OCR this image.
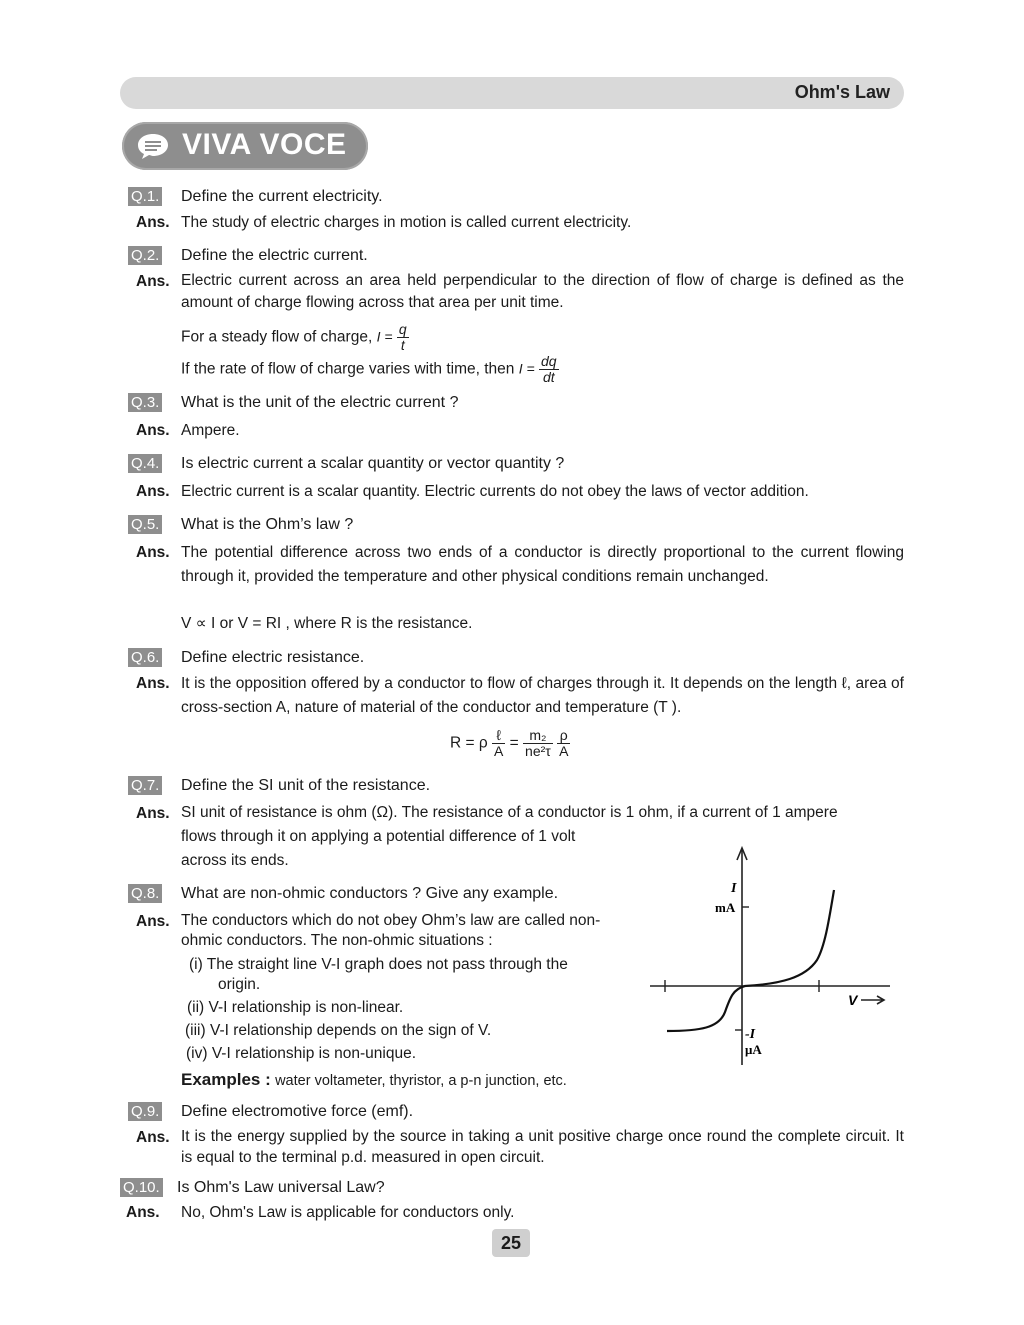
Ohm's Law
VIVA VOCE
Q.1. Define the current electricity.
Ans. The study of electric charges in motion is called current electricity.
Q.2. Define the electric current.
Ans. Electric current across an area held perpendicular to the direction of flow of charge is defined as the amount of charge flowing across that area per unit time.
For a steady flow of charge, $I = \frac{q}{t}$
If the rate of flow of charge varies with time, then $I = \frac{dq}{dt}$
Q.3. What is the unit of the electric current ?
Ans. Ampere.
Q.4. Is electric current a scalar quantity or vector quantity ?
Ans. Electric current is a scalar quantity. Electric currents do not obey the laws of vector addition.
Q.5. What is the Ohm’s law ?
Ans. The potential difference across two ends of a conductor is directly proportional to the current flowing through it, provided the temperature and other physical conditions remain unchanged.
V ∝ I or V = RI , where R is the resistance.
Q.6. Define electric resistance.
Ans. It is the opposition offered by a conductor to flow of charges through it. It depends on the length ℓ, area of cross-section A, nature of material of the conductor and temperature (T ).
R = ρ $\frac{\text{ℓ}}{A} = \frac{\text{m₂}}{\text{ne²τ}}$
$\frac{\rho}{A}$
Q.7. Define the SI unit of the resistance.
Ans. SI unit of resistance is ohm (Ω). The resistance of a conductor is 1 ohm, if a current of 1 ampere
flows through it on applying a potential difference of 1 volt
across its ends.
Q.8. What are non-ohmic conductors ? Give any example.
Ans. The conductors which do not obey Ohm’s law are called non-
ohmic conductors. The non-ohmic situations :
(i) The straight line V-I graph does not pass through the
origin.
(ii) V-I relationship is non-linear.
(iii) V-I relationship depends on the sign of V.
(iv) V-I relationship is non-unique.
Examples : water voltameter, thyristor, a p-n junction, etc.
I
mA
-I
μA
V
Q.9. Define electromotive force (emf).
Ans. It is the energy supplied by the source in taking a unit positive charge once round the complete circuit. It is equal to the terminal p.d. measured in open circuit.
Q.10. Is Ohm's Law universal Law?
Ans. No, Ohm's Law is applicable for conductors only.
25
